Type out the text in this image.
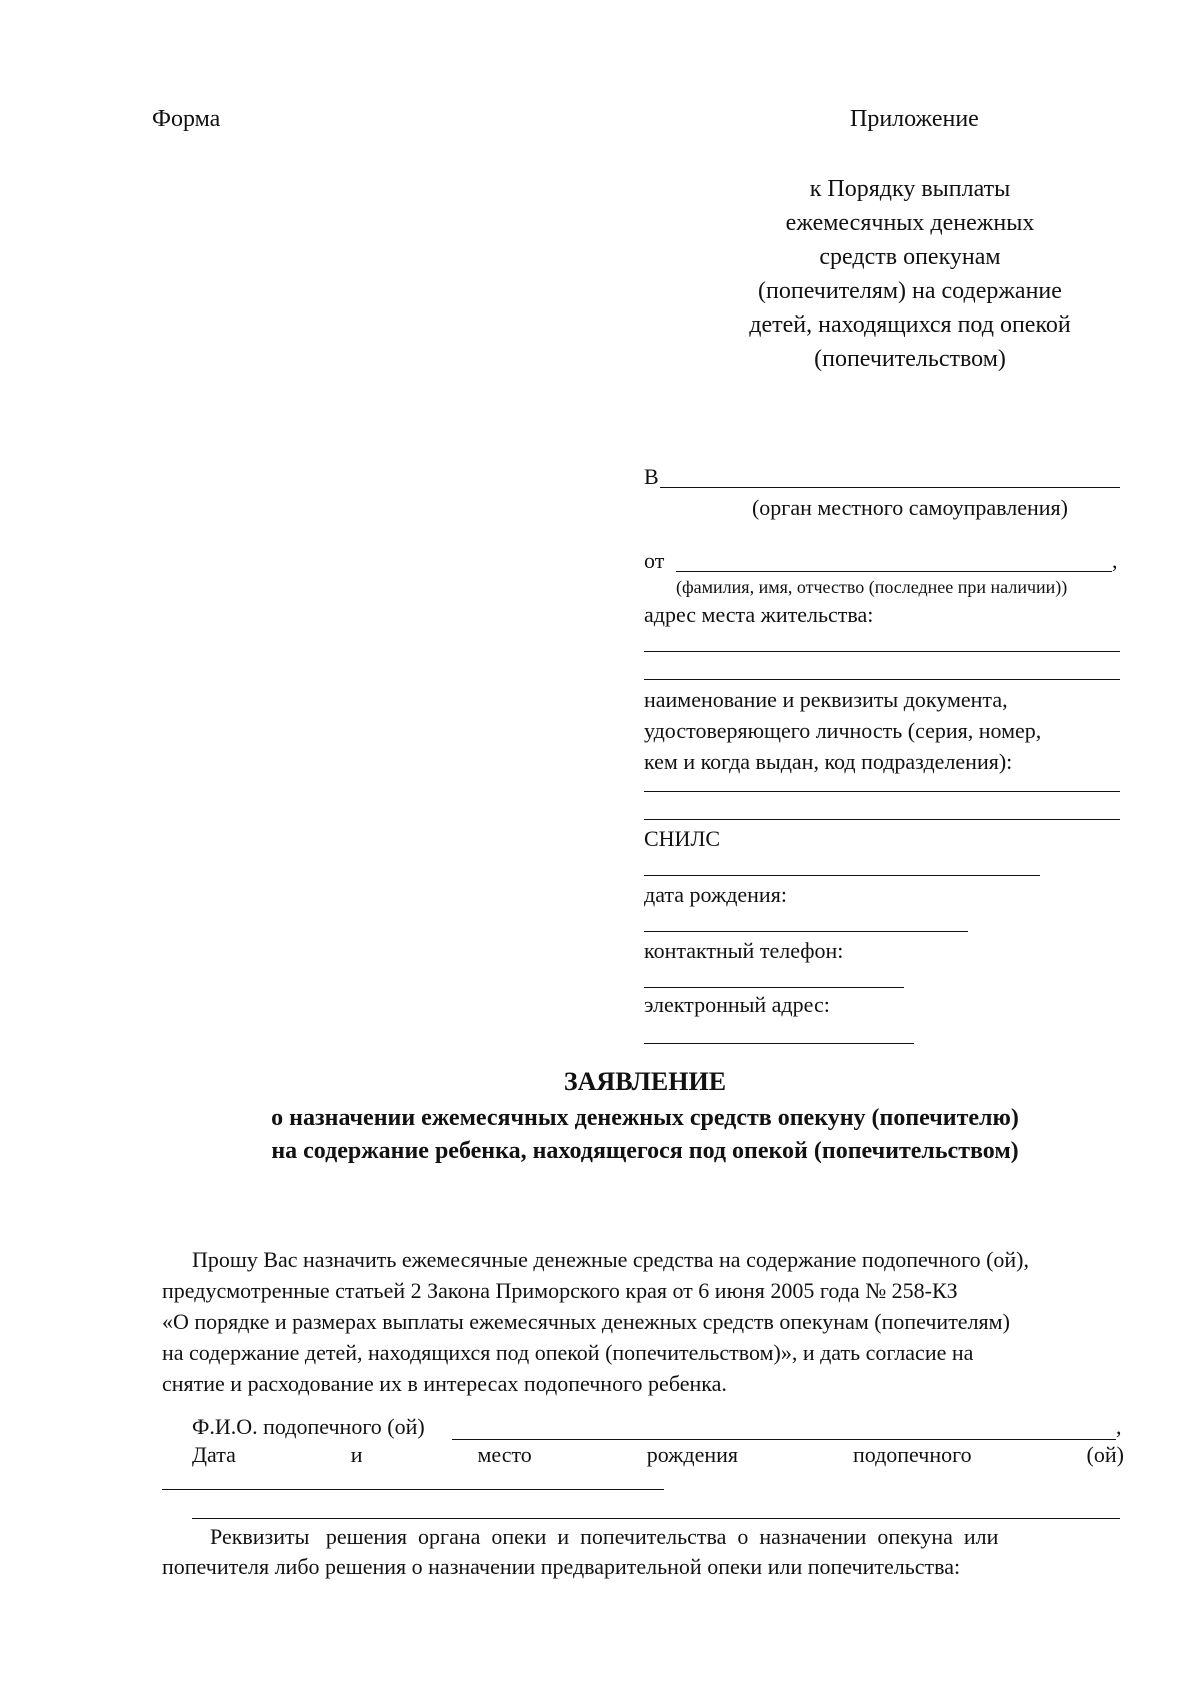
Форма	Приложение
к Порядку выплаты
ежемесячных денежных
средств опекунам
(попечителям) на содержание
детей, находящихся под опекой
(попечительством)
В
(орган местного самоуправления)
от	,
(фамилия, имя, отчество (последнее при наличии))
адрес места жительства:
наименование и реквизиты документа,
удостоверяющего личность (серия, номер,
кем и когда выдан, код подразделения):
СНИЛС
дата рождения:
контактный телефон:
электронный адрес:
ЗАЯВЛЕНИЕ
о назначении ежемесячных денежных средств опекуну (попечителю)
на содержание ребенка, находящегося под опекой (попечительством)
Прошу Вас назначить ежемесячные денежные средства на содержание подопечного (ой),
предусмотренные статьей 2 Закона Приморского края от 6 июня 2005 года № 258-КЗ
«О порядке и размерах выплаты ежемесячных денежных средств опекунам (попечителям)
на содержание детей, находящихся под опекой (попечительством)», и дать согласие на
снятие и расходование их в интересах подопечного ребенка.
Ф.И.О. подопечного (ой)	,
Дата	и	место	рождения	подопечного	(ой)
Реквизиты   решения  органа  опеки  и  попечительства  о  назначении  опекуна  или
попечителя либо решения о назначении предварительной опеки или попечительства:
